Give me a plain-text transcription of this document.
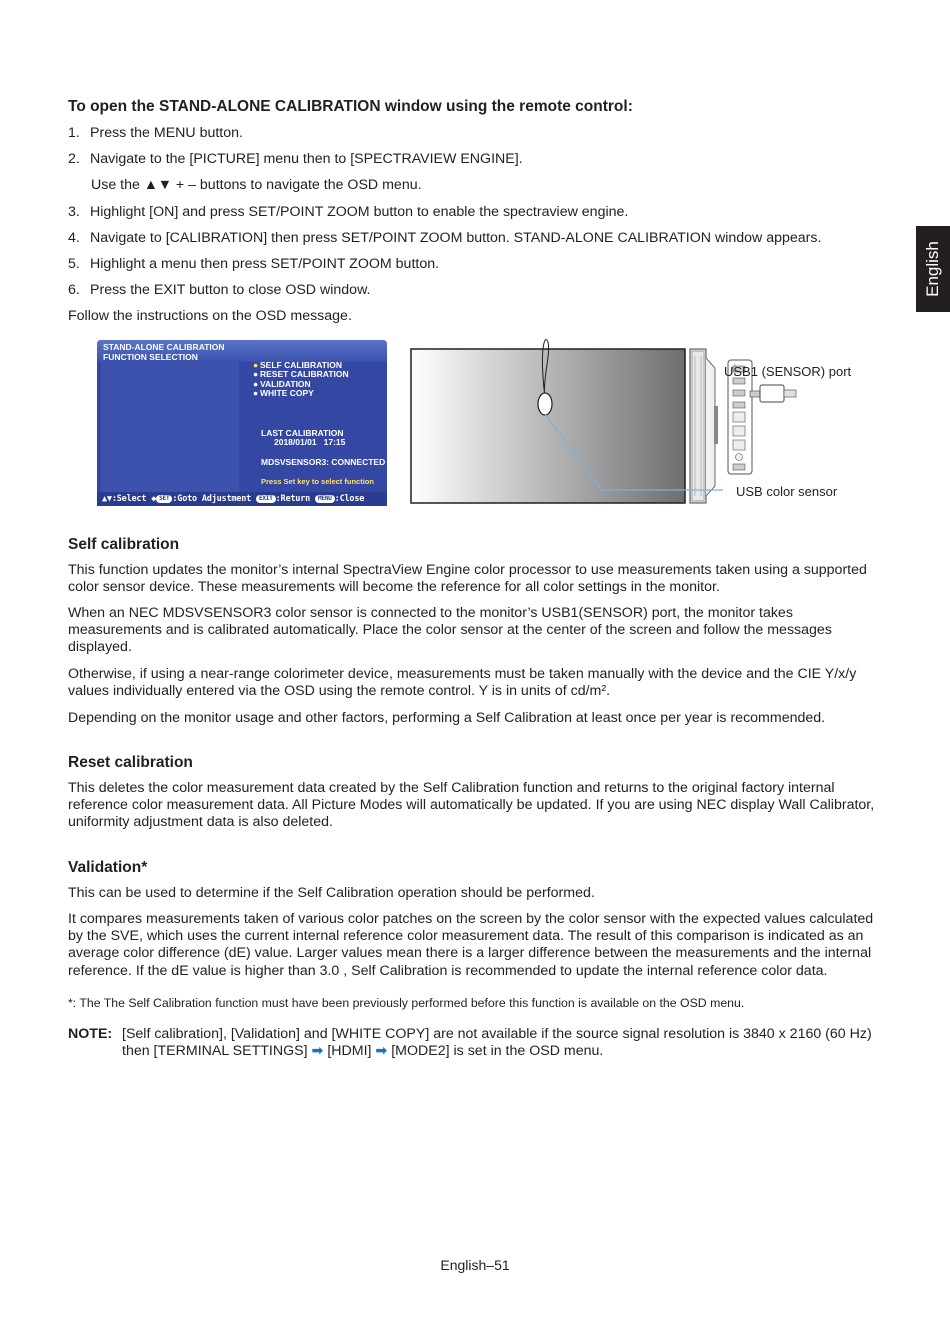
English
To open the STAND-ALONE CALIBRATION window using the remote control:
1. Press the MENU button.
2. Navigate to the [PICTURE] menu then to [SPECTRAVIEW ENGINE].
Use the ▲▼ + – buttons to navigate the OSD menu.
3. Highlight [ON] and press SET/POINT ZOOM button to enable the spectraview engine.
4. Navigate to [CALIBRATION] then press SET/POINT ZOOM button. STAND-ALONE CALIBRATION window appears.
5. Highlight a menu then press SET/POINT ZOOM button.
6. Press the EXIT button to close OSD window.
Follow the instructions on the OSD message.
STAND-ALONE CALIBRATION
FUNCTION SELECTION
● SELF CALIBRATION
● RESET CALIBRATION
● VALIDATION
● WHITE COPY
LAST CALIBRATION
2018/01/01   17:15
MDSVSENSOR3: CONNECTED
Press Set key to select function
▲▼:Select ◆ SET :Goto Adjustment EXIT :Return MENU :Close
USB1 (SENSOR) port
USB color sensor
Self calibration

This function updates the monitor’s internal SpectraView Engine color processor to use measurements taken using a supported color sensor device. These measurements will become the reference for all color settings in the monitor.

When an NEC MDSVSENSOR3 color sensor is connected to the monitor’s USB1(SENSOR) port, the monitor takes measurements and is calibrated automatically. Place the color sensor at the center of the screen and follow the messages displayed.

Otherwise, if using a near-range colorimeter device, measurements must be taken manually with the device and the CIE Y/x/y values individually entered via the OSD using the remote control. Y is in units of cd/m².

Depending on the monitor usage and other factors, performing a Self Calibration at least once per year is recommended.

Reset calibration

This deletes the color measurement data created by the Self Calibration function and returns to the original factory internal reference color measurement data. All Picture Modes will automatically be updated. If you are using NEC display Wall Calibrator, uniformity adjustment data is also deleted.

Validation*

This can be used to determine if the Self Calibration operation should be performed.

It compares measurements taken of various color patches on the screen by the color sensor with the expected values calculated by the SVE, which uses the current internal reference color measurement data. The result of this comparison is indicated as an average color difference (dE) value. Larger values mean there is a larger difference between the measurements and the internal reference. If the dE value is higher than 3.0 , Self Calibration is recommended to update the internal reference color data.

*: The The Self Calibration function must have been previously performed before this function is available on the OSD menu.
NOTE: [Self calibration], [Validation] and [WHITE COPY] are not available if the source signal resolution is 3840 x 2160 (60 Hz) then [TERMINAL SETTINGS] ➡ [HDMI] ➡ [MODE2] is set in the OSD menu.
English–51
